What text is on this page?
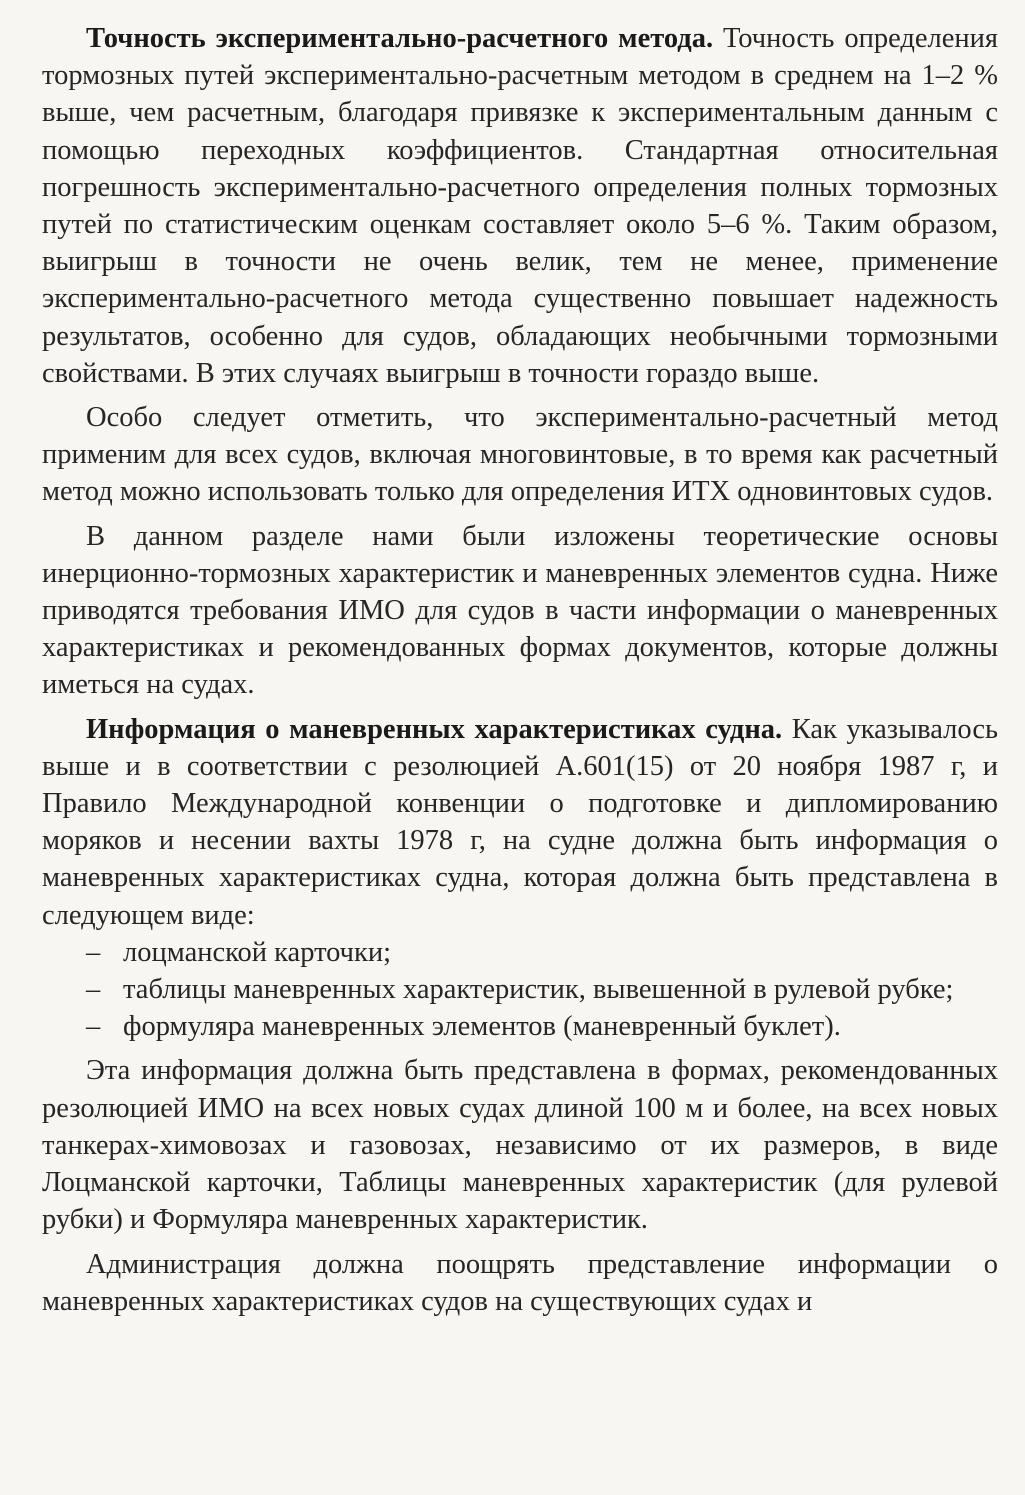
Точность экспериментально-расчетного метода. Точность определения тормозных путей экспериментально-расчетным методом в среднем на 1–2 % выше, чем расчетным, благодаря привязке к экспериментальным данным с помощью переходных коэффициентов. Стандартная относительная погрешность экспериментально-расчетного определения полных тормозных путей по статистическим оценкам составляет около 5–6 %. Таким образом, выигрыш в точности не очень велик, тем не менее, применение экспериментально-расчетного метода существенно повышает надежность результатов, особенно для судов, обладающих необычными тормозными свойствами. В этих случаях выигрыш в точности гораздо выше.

Особо следует отметить, что экспериментально-расчетный метод применим для всех судов, включая многовинтовые, в то время как расчетный метод можно использовать только для определения ИТХ одновинтовых судов.

В данном разделе нами были изложены теоретические основы инерционно-тормозных характеристик и маневренных элементов судна. Ниже приводятся требования ИМО для судов в части информации о маневренных характеристиках и рекомендованных формах документов, которые должны иметься на судах.

Информация о маневренных характеристиках судна. Как указывалось выше и в соответствии с резолюцией А.601(15) от 20 ноября 1987 г, и Правило Международной конвенции о подготовке и дипломированию моряков и несении вахты 1978 г, на судне должна быть информация о маневренных характеристиках судна, которая должна быть представлена в следующем виде:

– лоцманской карточки;
– таблицы маневренных характеристик, вывешенной в рулевой рубке;
– формуляра маневренных элементов (маневренный буклет).

Эта информация должна быть представлена в формах, рекомендованных резолюцией ИМО на всех новых судах длиной 100 м и более, на всех новых танкерах-химовозах и газовозах, независимо от их размеров, в виде Лоцманской карточки, Таблицы маневренных характеристик (для рулевой рубки) и Формуляра маневренных характеристик.

Администрация должна поощрять представление информации о маневренных характеристиках судов на существующих судах и
